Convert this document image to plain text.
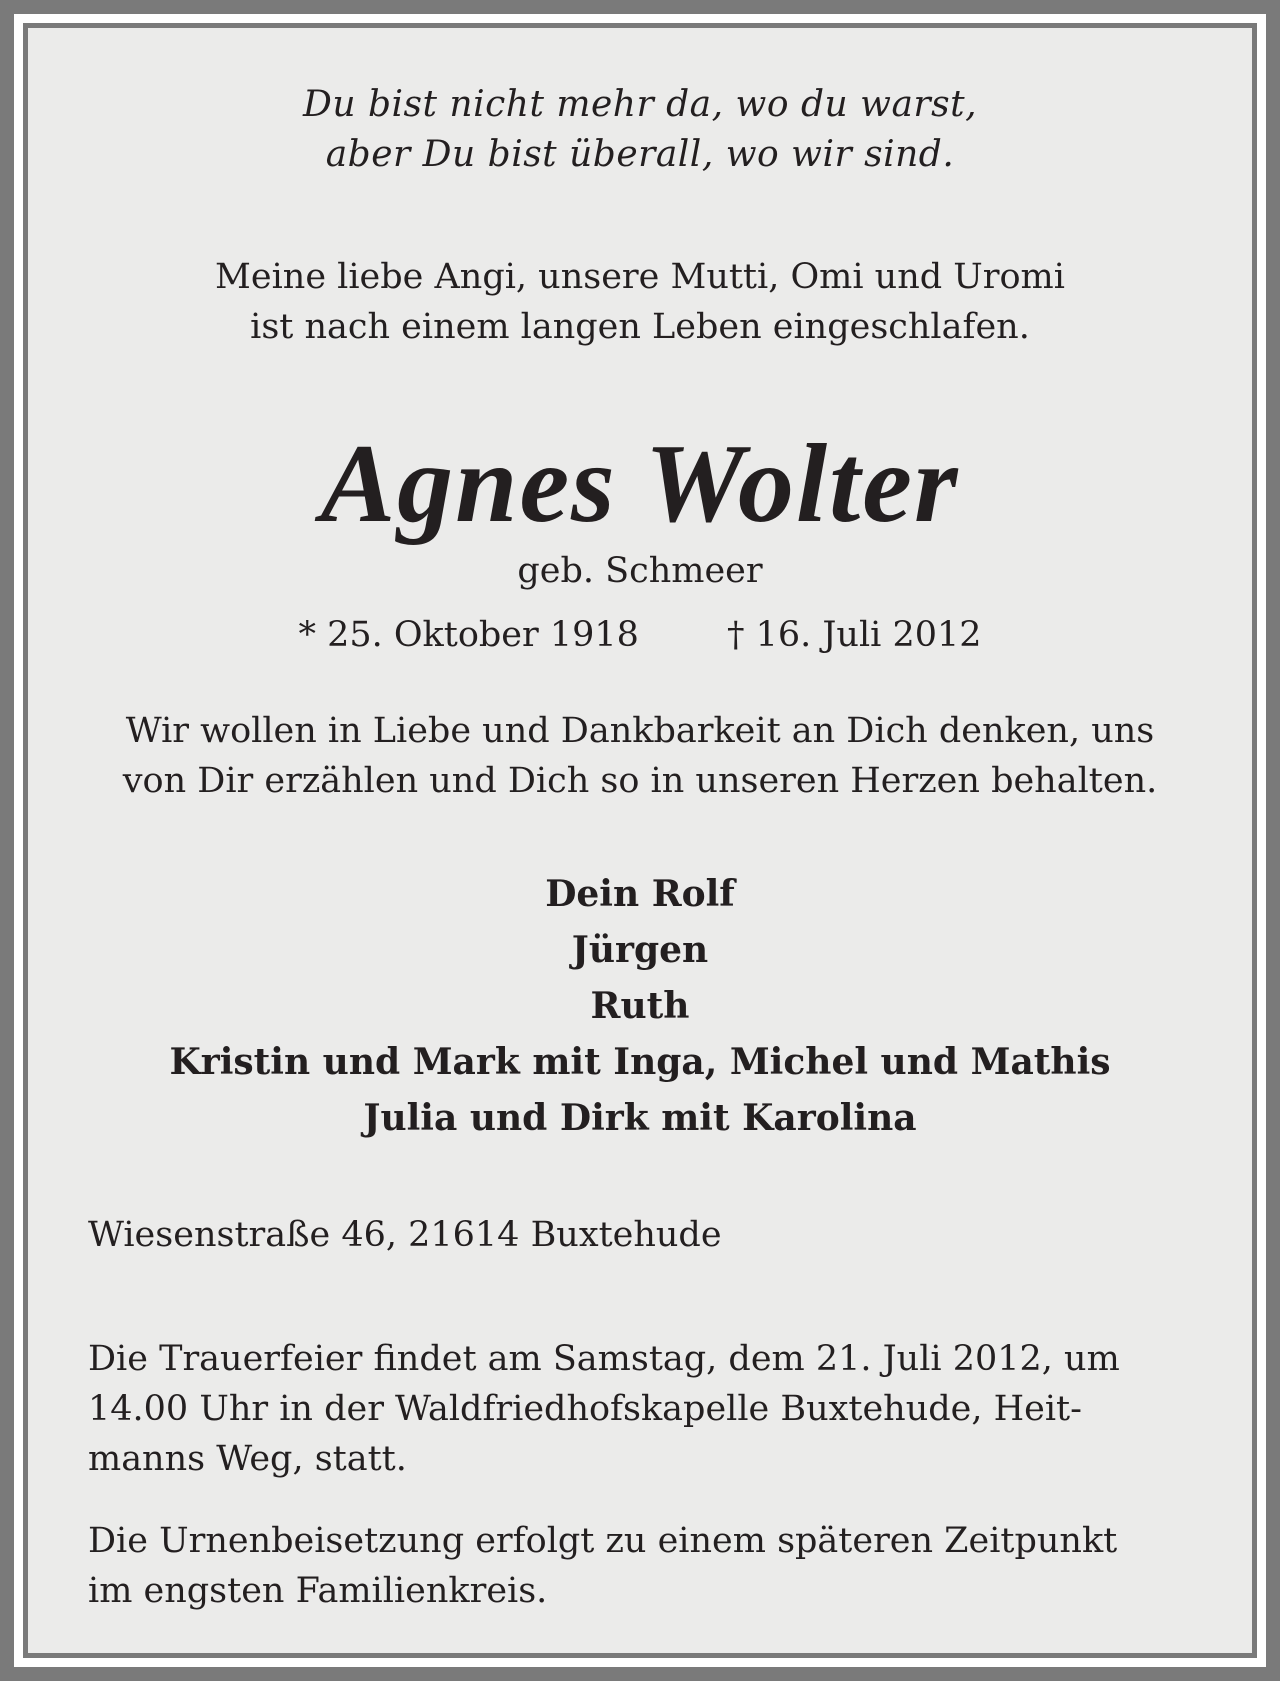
Du bist nicht mehr da, wo du warst,
aber Du bist überall, wo wir sind.
Meine liebe Angi, unsere Mutti, Omi und Uromi
ist nach einem langen Leben eingeschlafen.
Agnes Wolter
geb. Schmeer
* 25. Oktober 1918	† 16. Juli 2012
Wir wollen in Liebe und Dankbarkeit an Dich denken, uns
von Dir erzählen und Dich so in unseren Herzen behalten.
Dein Rolf
Jürgen
Ruth
Kristin und Mark mit Inga, Michel und Mathis
Julia und Dirk mit Karolina
Wiesenstraße 46, 21614 Buxtehude
Die Trauerfeier findet am Samstag, dem 21. Juli 2012, um
14.00 Uhr in der Waldfriedhofskapelle Buxtehude, Heit-
manns Weg, statt.
Die Urnenbeisetzung erfolgt zu einem späteren Zeitpunkt
im engsten Familienkreis.
